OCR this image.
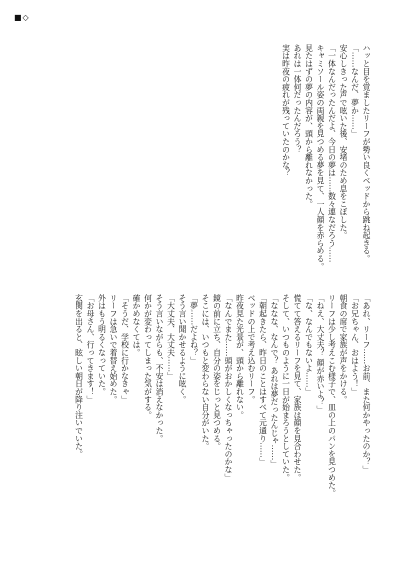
■◇

ハッと目を覚ましたリーフが勢い良くベッドから跳ね起きる。

「……なんだ、夢か……」

安心しきった声で呟いた後、安堵のため息をこぼした。

「一体なんだったんだよ、今日の夢は……数々連なだろう……

キャミソール姿の両親を見つめる夢を見て、一人顔を赤らめる。

見たはずの夢の内容が、頭から離れなかった。

あれは一体何だったんだろう？

実は昨夜の疲れが残っていたのかな？

「あれ、リーフ……お前、また何かやったのか？」

「お兄ちゃん、おはよう！」

朝食の席で家族が声をかける。

リーフは少し考えこむ様子で、皿の上のパンを見つめた。

「ねえ、大丈夫？ 顔が赤いよ？」

「な、なんでもないよ……」

慌てて答えるリーフを見て、家族は顔を見合わせた。

そして、いつものように一日が始まろうとしていた。

「ななな、なんで？ あれは夢だったんじゃ……」

「朝起きたら、昨日のことはすべて元通り……」

ベッドの上で考え込むリーフ。

昨夜見た光景が、頭から離れない。

「なんでまた……頭がおかしくなっちゃったのかな」

鏡の前に立ち、自分の姿をじっと見つめる。

そこには、いつもと変わらない自分がいた。

「夢……だよね？」

そう言い聞かせるように呟く。

「大丈夫、大丈夫……」

そう言いながらも、不安は消えなかった。

何かが変わってしまった気がする。

確かめなくては。

「そうだ、学校に行かなきゃ」

リーフは急いで着替え始めた。

外はもう明るくなっていた。

「お母さん、行ってきます！」

玄関を出ると、眩しい朝日が降り注いでいた。
